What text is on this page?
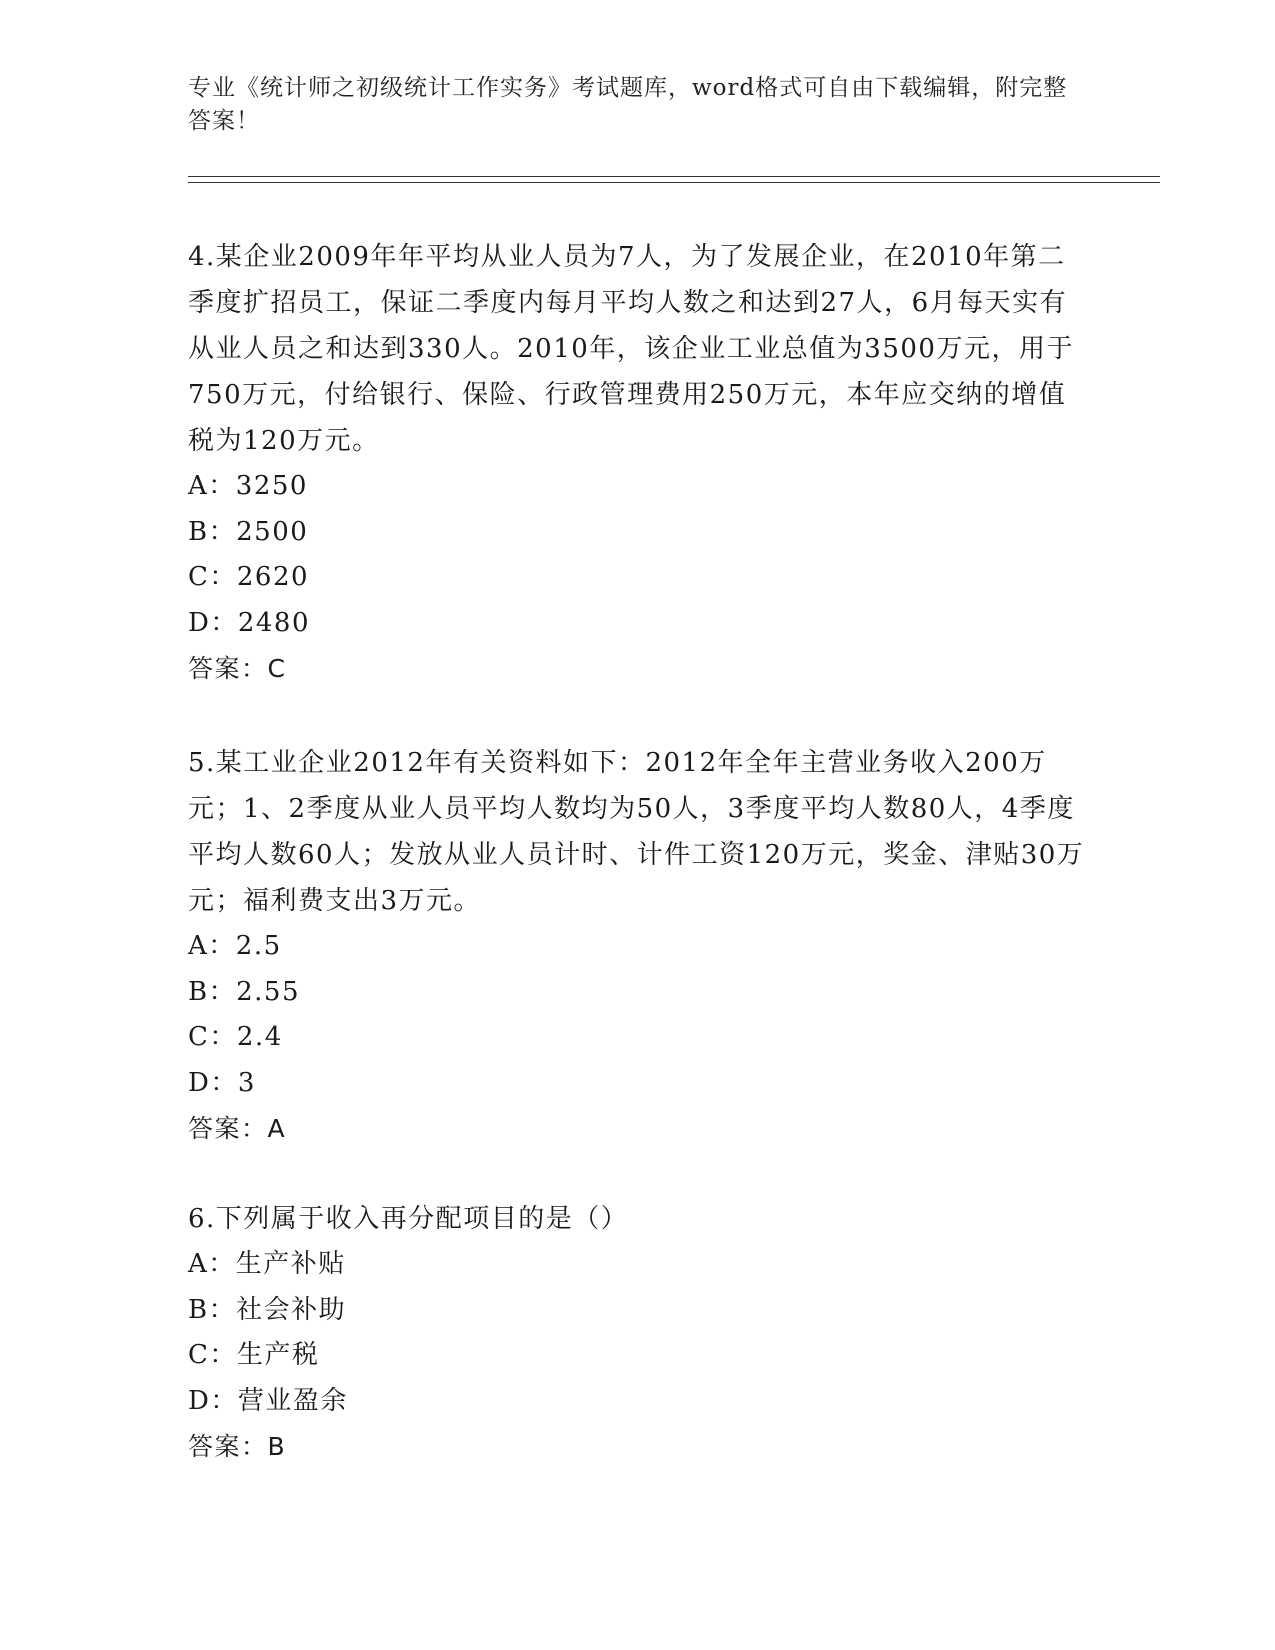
专业《统计师之初级统计工作实务》考试题库，word格式可自由下载编辑，附完整答案！

4.某企业2009年年平均从业人员为7人，为了发展企业，在2010年第二季度扩招员工，保证二季度内每月平均人数之和达到27人，6月每天实有从业人员之和达到330人。2010年，该企业工业总值为3500万元，用于750万元，付给银行、保险、行政管理费用250万元，本年应交纳的增值税为120万元。

A：3250

B：2500

C：2620

D：2480

答案：C

5.某工业企业2012年有关资料如下：2012年全年主营业务收入200万元；1、2季度从业人员平均人数均为50人，3季度平均人数80人，4季度平均人数60人；发放从业人员计时、计件工资120万元，奖金、津贴30万元；福利费支出3万元。

A：2.5

B：2.55

C：2.4

D：3

答案：A

6.下列属于收入再分配项目的是（）

A：生产补贴

B：社会补助

C：生产税

D：营业盈余

答案：B
